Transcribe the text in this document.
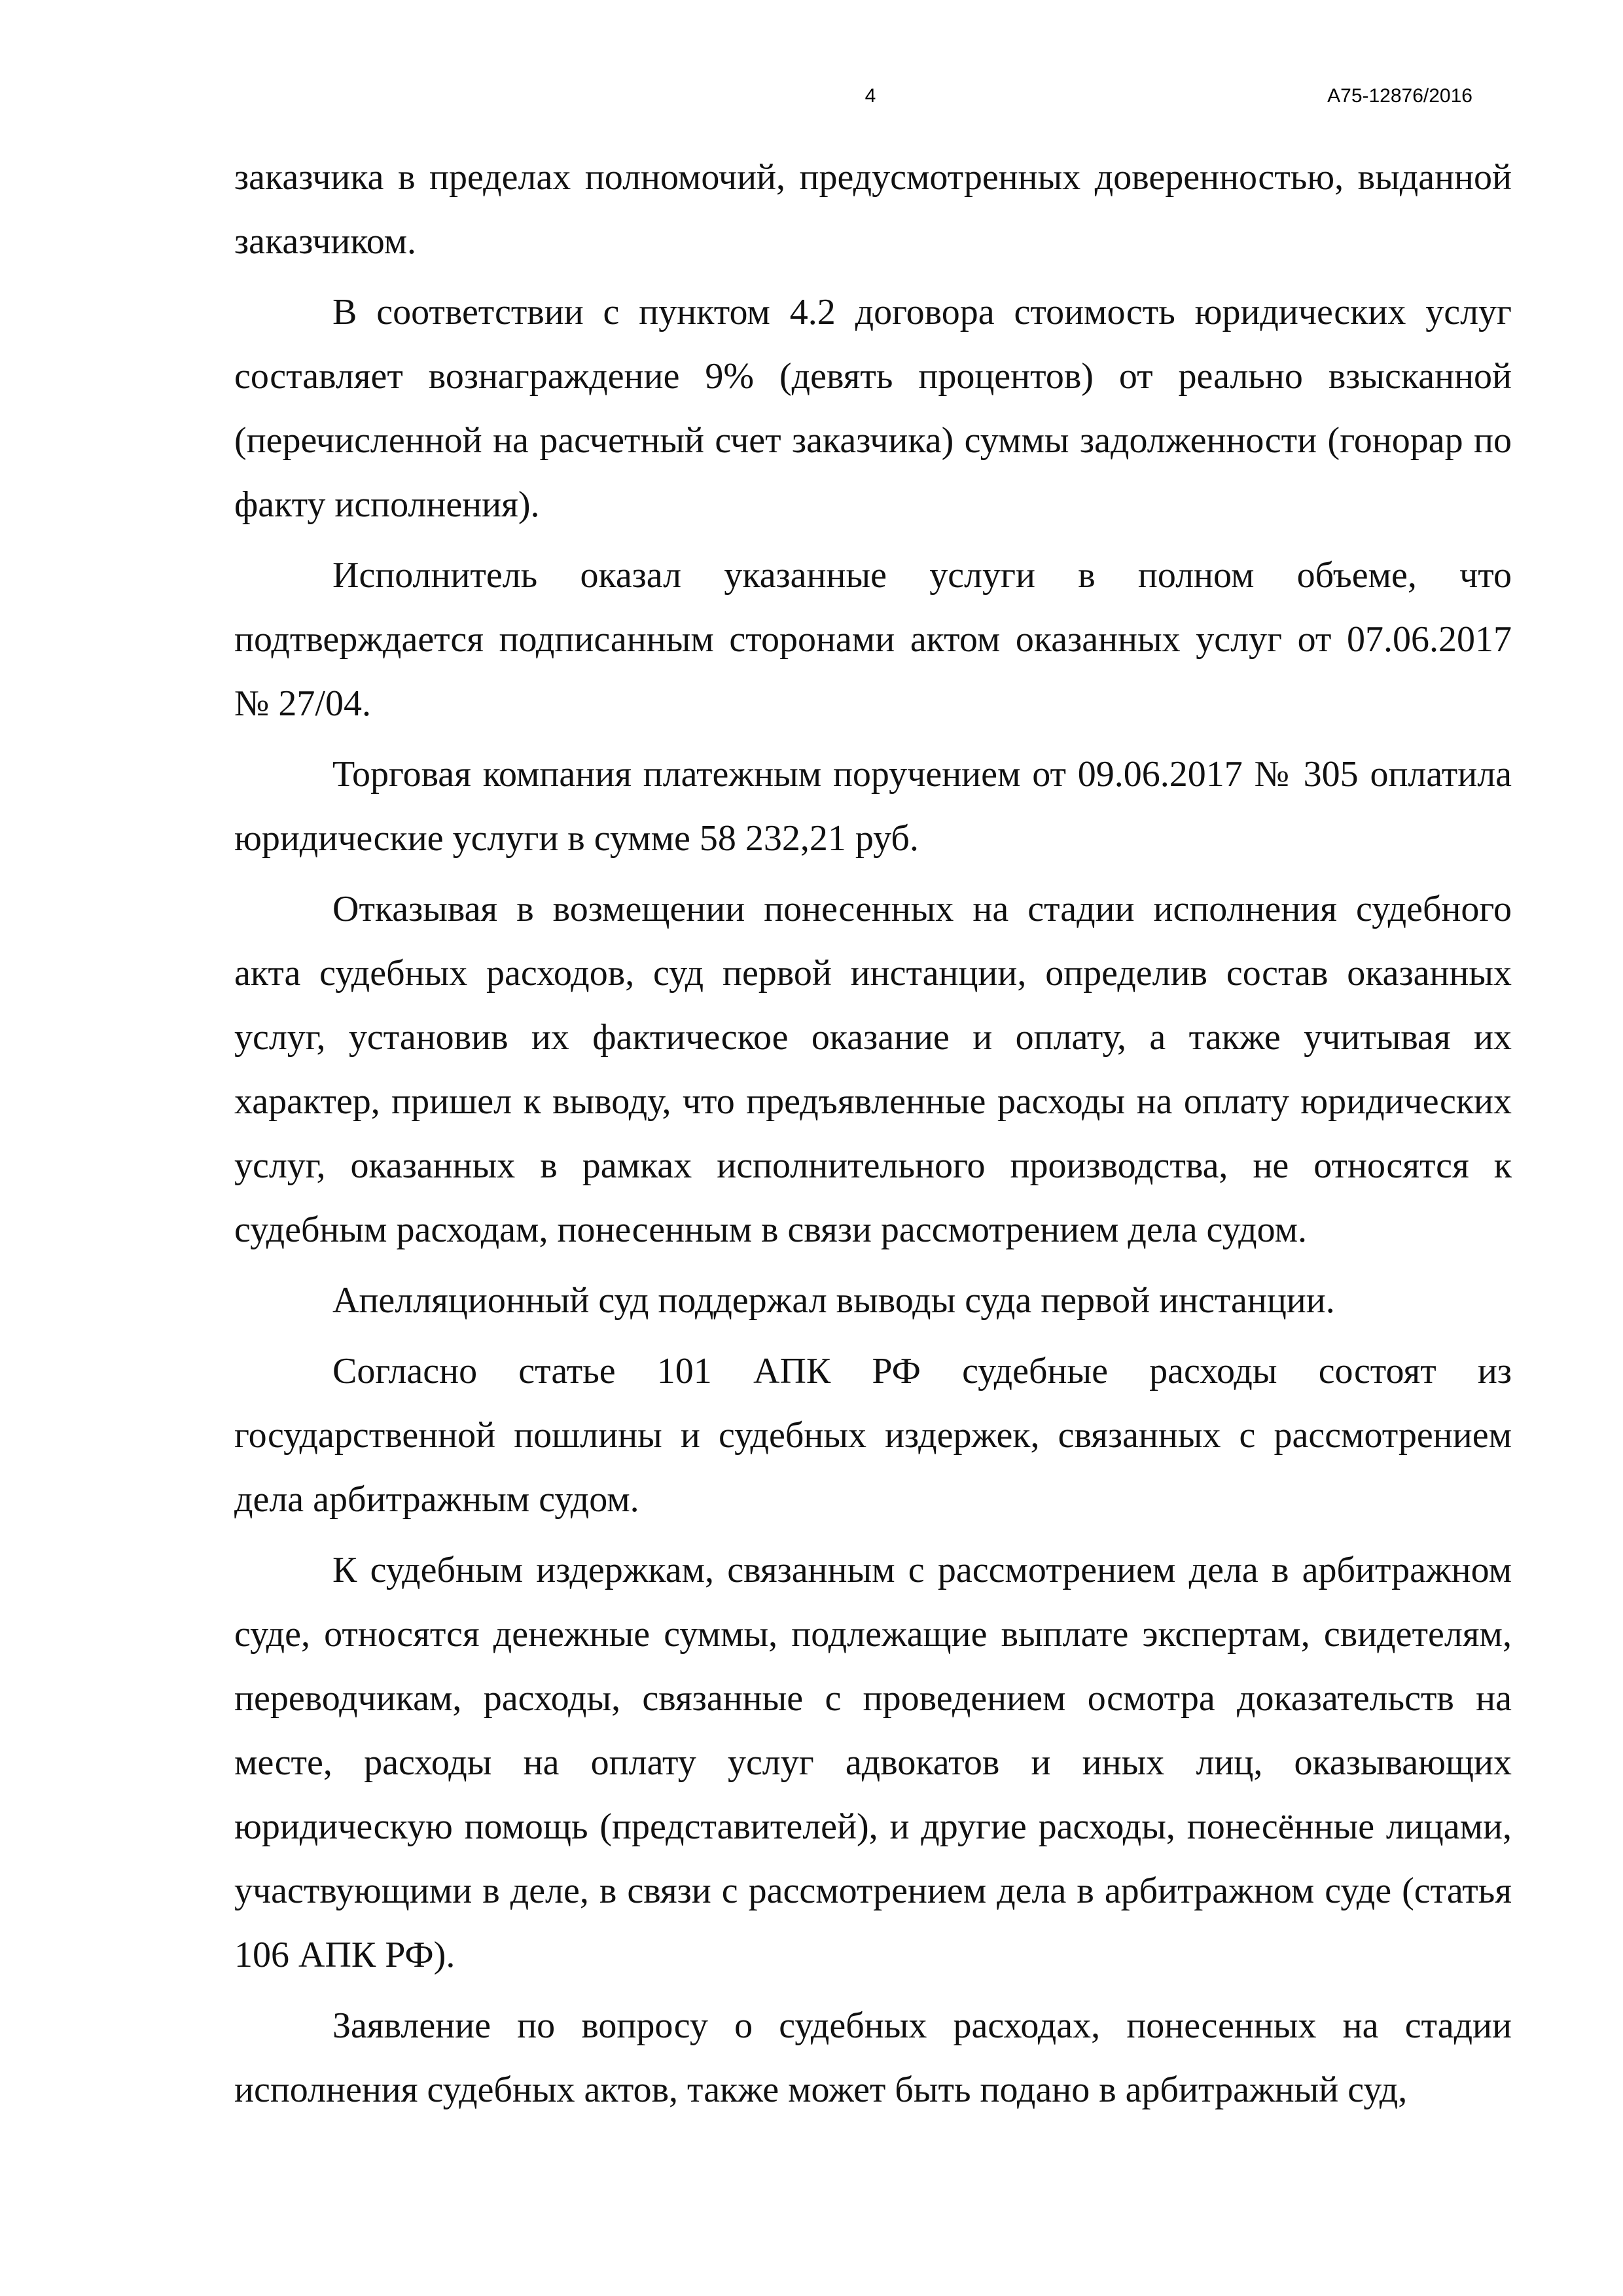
4	А75-12876/2016

заказчика в пределах полномочий, предусмотренных доверенностью, выданной заказчиком.

В соответствии с пунктом 4.2 договора стоимость юридических услуг составляет вознаграждение 9% (девять процентов) от реально взысканной (перечисленной на расчетный счет заказчика) суммы задолженности (гонорар по факту исполнения).

Исполнитель оказал указанные услуги в полном объеме, что подтверждается подписанным сторонами актом оказанных услуг от 07.06.2017 № 27/04.

Торговая компания платежным поручением от 09.06.2017 № 305 оплатила юридические услуги в сумме 58 232,21 руб.

Отказывая в возмещении понесенных на стадии исполнения судебного акта судебных расходов, суд первой инстанции, определив состав оказанных услуг, установив их фактическое оказание и оплату, а также учитывая их характер, пришел к выводу, что предъявленные расходы на оплату юридических услуг, оказанных в рамках исполнительного производства, не относятся к судебным расходам, понесенным в связи рассмотрением дела судом.

Апелляционный суд поддержал выводы суда первой инстанции.

Согласно статье 101 АПК РФ судебные расходы состоят из государственной пошлины и судебных издержек, связанных с рассмотрением дела арбитражным судом.

К судебным издержкам, связанным с рассмотрением дела в арбитражном суде, относятся денежные суммы, подлежащие выплате экспертам, свидетелям, переводчикам, расходы, связанные с проведением осмотра доказательств на месте, расходы на оплату услуг адвокатов и иных лиц, оказывающих юридическую помощь (представителей), и другие расходы, понесённые лицами, участвующими в деле, в связи с рассмотрением дела в арбитражном суде (статья 106 АПК РФ).

Заявление по вопросу о судебных расходах, понесенных на стадии исполнения судебных актов, также может быть подано в арбитражный суд,
